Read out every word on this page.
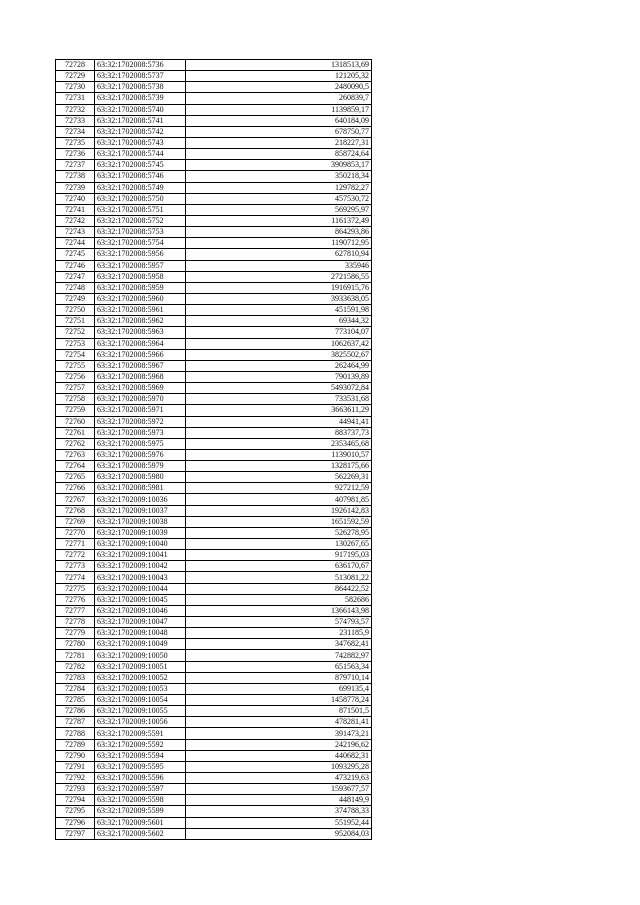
72728	63:32:1702008:5736	1318513,69
72729	63:32:1702008:5737	121205,32
72730	63:32:1702008:5738	2480090,5
72731	63:32:1702008:5739	260839,7
72732	63:32:1702008:5740	1139859,17
72733	63:32:1702008:5741	640184,09
72734	63:32:1702008:5742	678750,77
72735	63:32:1702008:5743	218227,31
72736	63:32:1702008:5744	858724,64
72737	63:32:1702008:5745	3909853,17
72738	63:32:1702008:5746	350218,34
72739	63:32:1702008:5749	129782,27
72740	63:32:1702008:5750	457530,72
72741	63:32:1702008:5751	569295,97
72742	63:32:1702008:5752	1161372,49
72743	63:32:1702008:5753	864293,86
72744	63:32:1702008:5754	1190712,95
72745	63:32:1702008:5956	627810,94
72746	63:32:1702008:5957	335946
72747	63:32:1702008:5958	2721586,55
72748	63:32:1702008:5959	1916915,76
72749	63:32:1702008:5960	3933638,05
72750	63:32:1702008:5961	451591,98
72751	63:32:1702008:5962	69344,32
72752	63:32:1702008:5963	773104,07
72753	63:32:1702008:5964	1062637,42
72754	63:32:1702008:5966	3825502,67
72755	63:32:1702008:5967	262464,99
72756	63:32:1702008:5968	790139,89
72757	63:32:1702008:5969	5493072,84
72758	63:32:1702008:5970	733531,68
72759	63:32:1702008:5971	3663611,29
72760	63:32:1702008:5972	44941,41
72761	63:32:1702008:5973	883737,73
72762	63:32:1702008:5975	2353465,68
72763	63:32:1702008:5976	1139010,57
72764	63:32:1702008:5979	1328175,66
72765	63:32:1702008:5980	562269,31
72766	63:32:1702008:5981	927212,59
72767	63:32:1702009:10036	407981,85
72768	63:32:1702009:10037	1926142,83
72769	63:32:1702009:10038	1651592,59
72770	63:32:1702009:10039	526278,95
72771	63:32:1702009:10040	130267,65
72772	63:32:1702009:10041	917195,03
72773	63:32:1702009:10042	636170,67
72774	63:32:1702009:10043	513081,22
72775	63:32:1702009:10044	864422,52
72776	63:32:1702009:10045	582686
72777	63:32:1702009:10046	1366143,98
72778	63:32:1702009:10047	574793,57
72779	63:32:1702009:10048	231185,9
72780	63:32:1702009:10049	347682,41
72781	63:32:1702009:10050	742882,97
72782	63:32:1702009:10051	651563,34
72783	63:32:1702009:10052	879710,14
72784	63:32:1702009:10053	699135,4
72785	63:32:1702009:10054	1458778,24
72786	63:32:1702009:10055	871501,5
72787	63:32:1702009:10056	478281,41
72788	63:32:1702009:5591	391473,21
72789	63:32:1702009:5592	242196,62
72790	63:32:1702009:5594	440682,31
72791	63:32:1702009:5595	1093295,28
72792	63:32:1702009:5596	473219,63
72793	63:32:1702009:5597	1593677,57
72794	63:32:1702009:5598	448149,9
72795	63:32:1702009:5599	374788,33
72796	63:32:1702009:5601	551952,44
72797	63:32:1702009:5602	952084,03
